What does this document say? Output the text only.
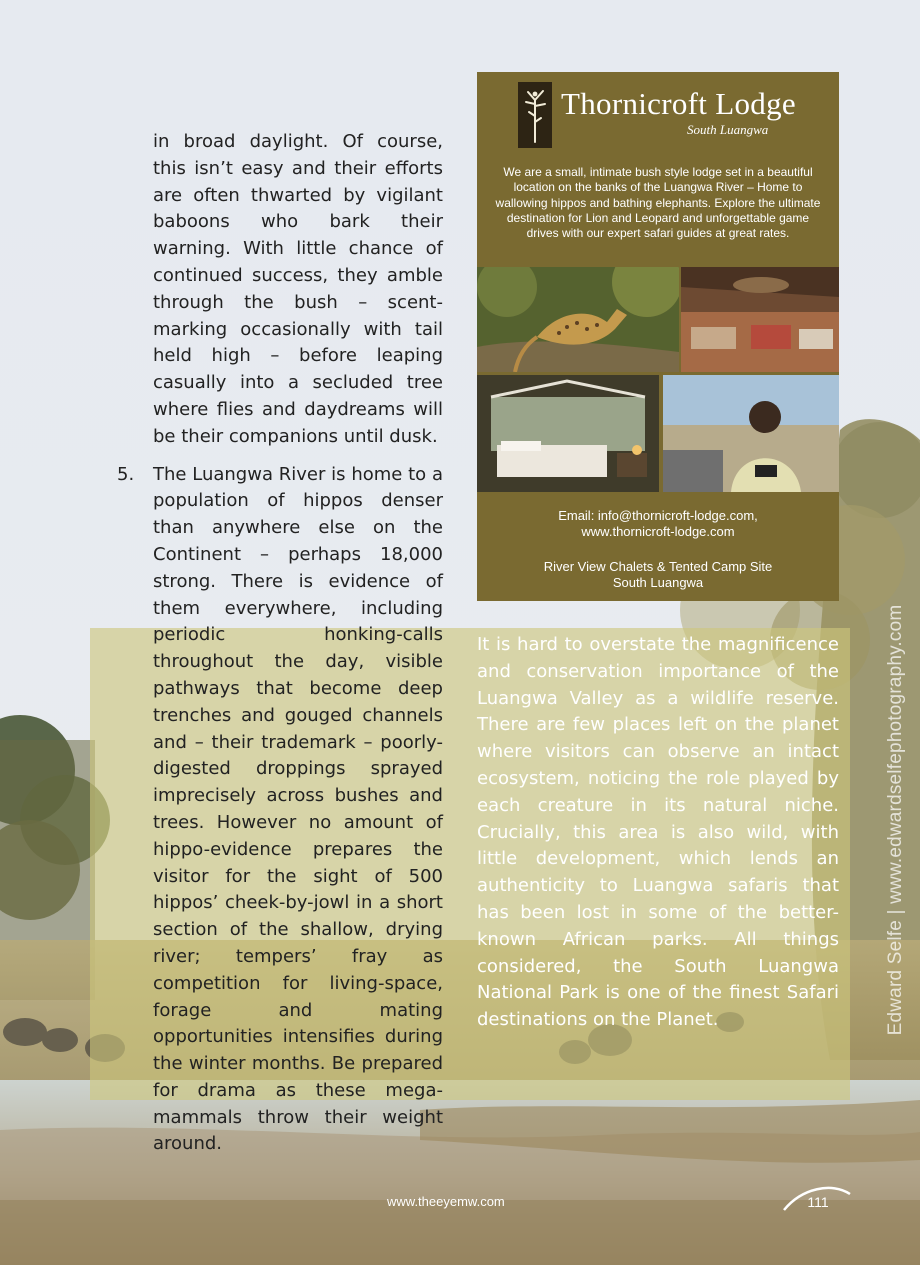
in broad daylight. Of course, this isn’t easy and their efforts are often thwarted by vigilant baboons who bark their warning. With little chance of continued success, they amble through the bush – scent-marking occasionally with tail held high – before leaping casually into a secluded tree where flies and daydreams will be their companions until dusk.

5. The Luangwa River is home to a population of hippos denser than anywhere else on the Continent – perhaps 18,000 strong. There is evidence of them everywhere, including periodic honking-calls throughout the day, visible pathways that become deep trenches and gouged channels and – their trademark – poorly-digested droppings sprayed imprecisely across bushes and trees. However no amount of hippo-evidence prepares the visitor for the sight of 500 hippos’ cheek-by-jowl in a short section of the shallow, drying river; tempers’ fray as competition for living-space, forage and mating opportunities intensifies during the winter months. Be prepared for drama as these mega-mammals throw their weight around.

It is hard to overstate the magnificence and conservation importance of the Luangwa Valley as a wildlife reserve. There are few places left on the planet where visitors can observe an intact ecosystem, noticing the role played by each creature in its natural niche. Crucially, this area is also wild, with little development, which lends an authenticity to Luangwa safaris that has been lost in some of the better-known African parks. All things considered, the South Luangwa National Park is one of the finest Safari destinations on the Planet.

Thornicroft Lodge
South Luangwa

We are a small, intimate bush style lodge set in a beautiful location on the banks of the Luangwa River – Home to wallowing hippos and bathing elephants. Explore the ultimate destination for Lion and Leopard and unforgettable game drives with our expert safari guides at great rates.

Email: info@thornicroft-lodge.com,
www.thornicroft-lodge.com
River View Chalets & Tented Camp Site
South Luangwa
www.theeyemw.com	111
Edward Selfe | www.edwardselfephotography.com
